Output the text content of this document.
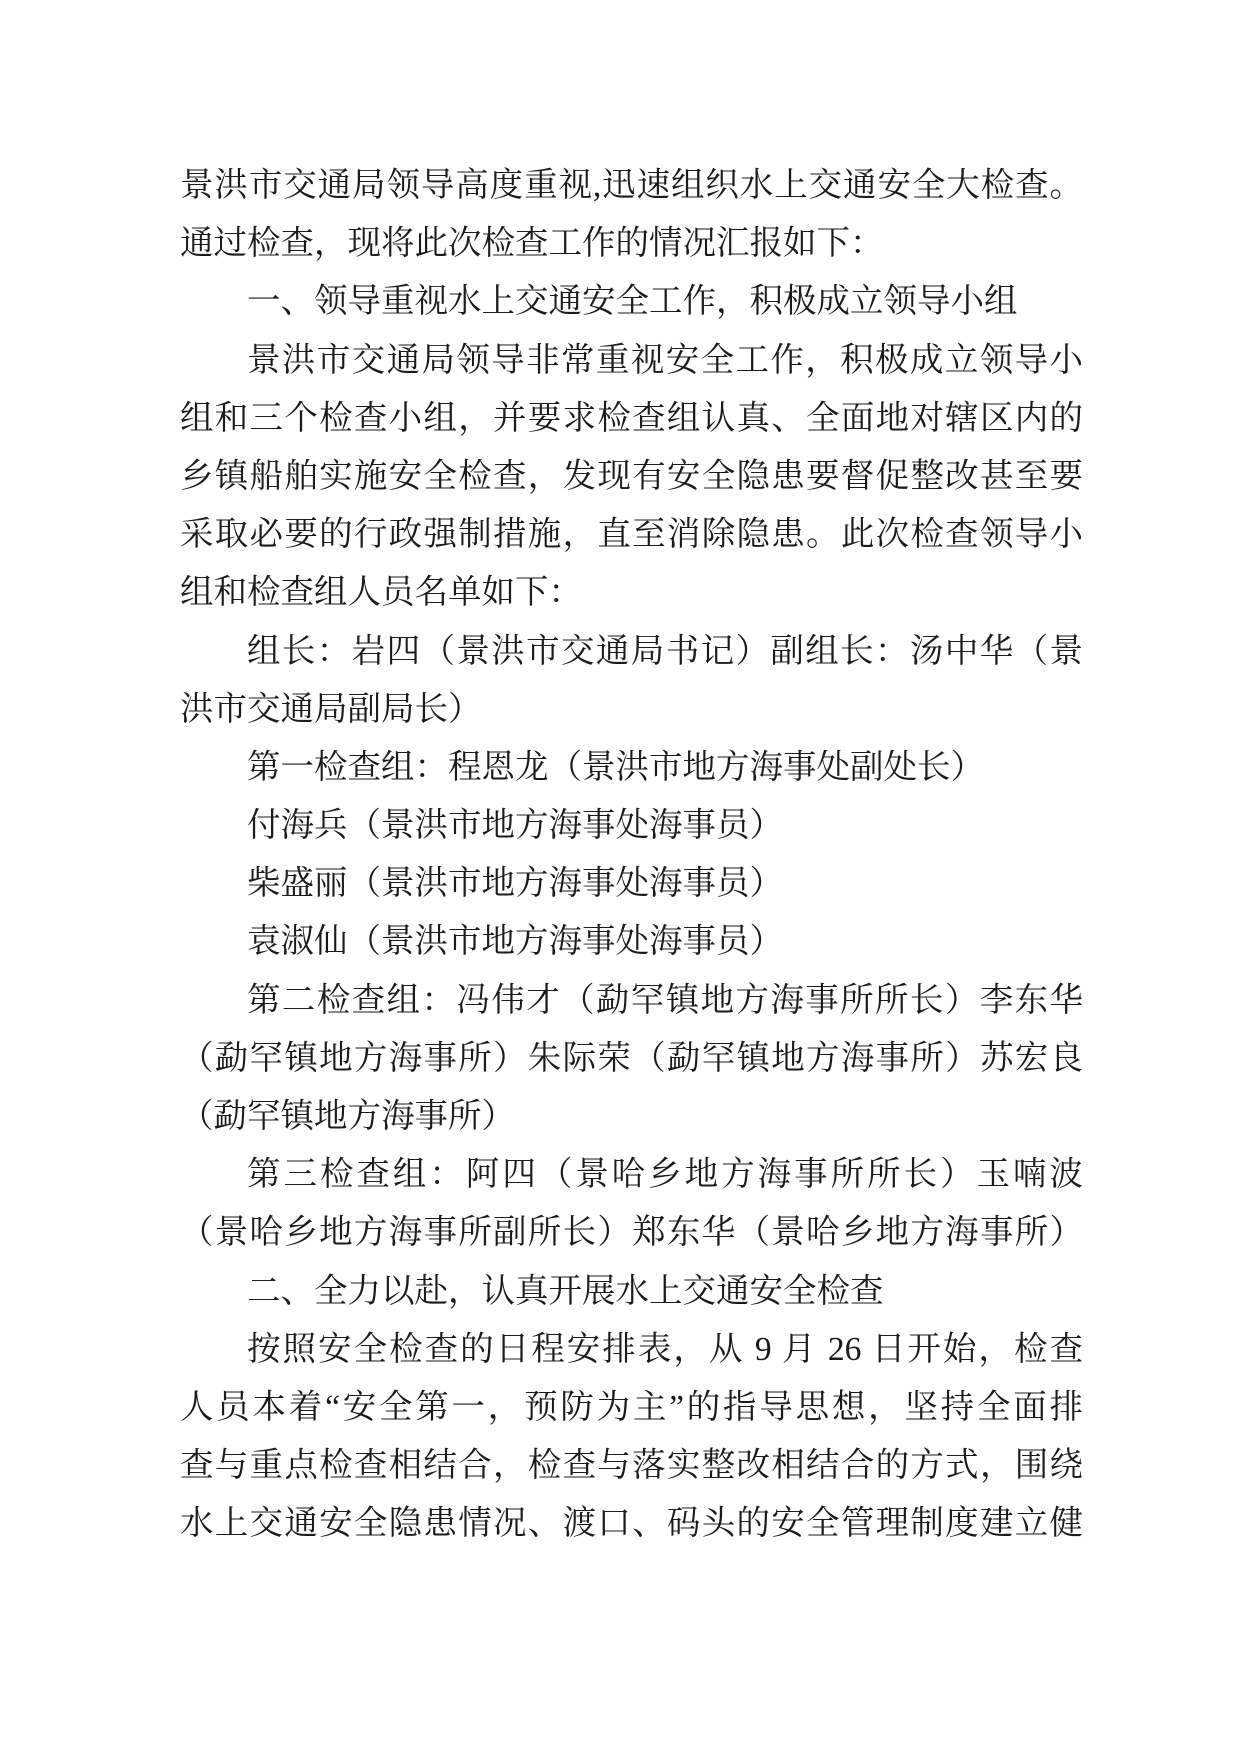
景洪市交通局领导高度重视,迅速组织水上交通安全大检查。
通过检查，现将此次检查工作的情况汇报如下：
一、领导重视水上交通安全工作，积极成立领导小组
景洪市交通局领导非常重视安全工作，积极成立领导小
组和三个检查小组，并要求检查组认真、全面地对辖区内的
乡镇船舶实施安全检查，发现有安全隐患要督促整改甚至要
采取必要的行政强制措施，直至消除隐患。此次检查领导小
组和检查组人员名单如下：
组长：岩四（景洪市交通局书记）副组长：汤中华（景
洪市交通局副局长）
第一检查组：程恩龙（景洪市地方海事处副处长）
付海兵（景洪市地方海事处海事员）
柴盛丽（景洪市地方海事处海事员）
袁淑仙（景洪市地方海事处海事员）
第二检查组：冯伟才（勐罕镇地方海事所所长）李东华
（勐罕镇地方海事所）朱际荣（勐罕镇地方海事所）苏宏良
（勐罕镇地方海事所）
第三检查组：阿四（景哈乡地方海事所所长）玉喃波
（景哈乡地方海事所副所长）郑东华（景哈乡地方海事所）
二、全力以赴，认真开展水上交通安全检查
按照安全检查的日程安排表，从 9 月 26 日开始，检查
人员本着“安全第一，预防为主”的指导思想，坚持全面排
查与重点检查相结合，检查与落实整改相结合的方式，围绕
水上交通安全隐患情况、渡口、码头的安全管理制度建立健
